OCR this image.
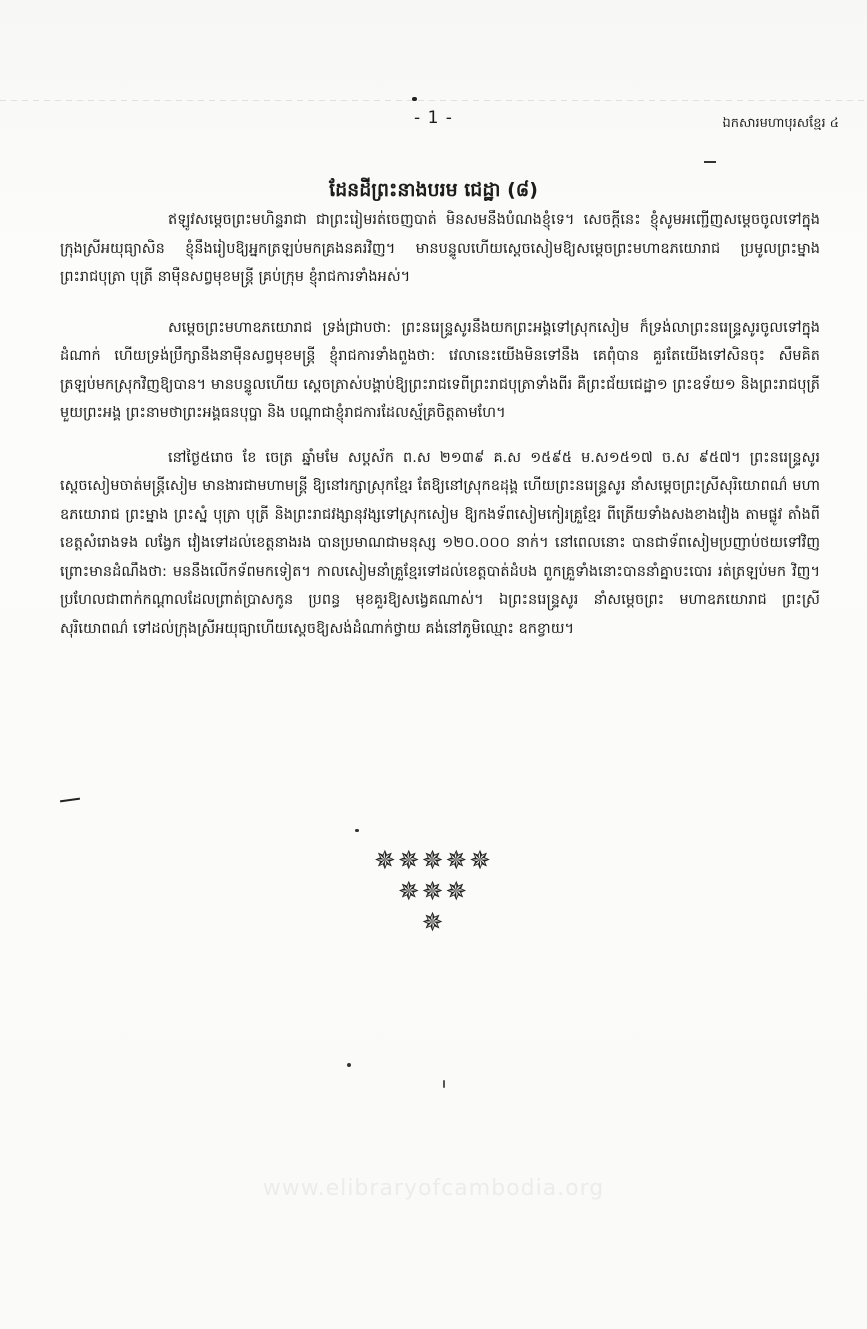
- 1 -	ឯកសារមហាបុរសខ្មែរ ៤
ដែនដីព្រះនាងបរម ជេដ្ឋា (៨)

ឥឡូវសម្ដេចព្រះមហិន្ទរាជា ជាព្រះរៀមរត់ចេញបាត់ មិនសមនឹងបំណងខ្ញុំទេ។ សេចក្ដីនេះ ខ្ញុំសូមអញ្ជើញសម្ដេចចូលទៅក្នុងក្រុងស្រីអយុធ្យាសិន ខ្ញុំនឹងរៀបឱ្យអ្នកត្រឡប់មកគ្រងនគរវិញ។ មានបន្ទូលហើយស្ដេចសៀមឱ្យសម្ដេចព្រះមហាឧភយោរាជ ប្រមូលព្រះម្នាង ព្រះរាជបុត្រា បុត្រី នាម៉ឺនសព្វមុខមន្ត្រី គ្រប់ក្រុម ខ្ញុំរាជការទាំងអស់។

សម្ដេចព្រះមហាឧភយោរាជ ទ្រង់ជ្រាបថា: ព្រះនរេន្ទ្រសូរនឹងយកព្រះអង្គទៅស្រុកសៀម ក៏ទ្រង់លាព្រះនរេន្ទ្រសូរចូលទៅក្នុងដំណាក់ ហើយទ្រង់ប្រឹក្សានឹងនាម៉ឺនសព្វមុខមន្ត្រី ខ្ញុំរាជការទាំងពួងថា: វេលានេះយើងមិនទៅនឹង គេពុំបាន គួរតែយើងទៅសិនចុះ សឹមគិតត្រឡប់មកស្រុកវិញឱ្យបាន។ មានបន្ទូលហើយ ស្ដេចត្រាស់បង្គាប់ឱ្យព្រះរាជទេពីព្រះរាជបុត្រាទាំងពីរ គឺព្រះជ័យជេដ្ឋា១ ព្រះឧទ័យ១ និងព្រះរាជបុត្រីមួយព្រះអង្គ ព្រះនាមថាព្រះអង្គធនបុប្ផា និង បណ្ដាជាខ្ញុំរាជការដែលស្ម័គ្រចិត្តតាមហែ។

នៅថ្ងៃ៥រោច ខែ ចេត្រ ឆ្នាំមមែ សប្តស័ក ព.ស ២១៣៩ គ.ស ១៥៩៥ ម.ស១៥១៧ ច.ស ៩៥៧។ ព្រះនរេន្ទ្រសូរ ស្ដេចសៀមចាត់មន្ត្រីសៀម មានងារជាមហាមន្ត្រី ឱ្យនៅរក្សាស្រុកខ្មែរ តែឱ្យនៅស្រុកឧដុង្គ ហើយព្រះនរេន្ទ្រសូរ នាំសម្ដេចព្រះស្រីសុរិយោពណ៌ មហាឧភយោរាជ ព្រះម្នាង ព្រះស្នំ បុត្រា បុត្រី និងព្រះរាជវង្សានុវង្សទៅស្រុកសៀម ឱ្យកងទ័ពសៀមកៀរគ្រួខ្មែរ ពីត្រើយទាំងសងខាងវៀង តាមផ្លូវ តាំងពីខេត្តសំរោងទង លង្វែក វៀងទៅដល់ខេត្តនាងរង បានប្រមាណជាមនុស្ស ១២០.០០០ នាក់។ នៅពេលនោះ បានជាទ័ពសៀមប្រញាប់ថយទៅវិញ ព្រោះមានដំណឹងថា: មននឹងលើកទ័ពមកទៀត។ កាលសៀមនាំគ្រួខ្មែរទៅដល់ខេត្តបាត់ដំបង ពួកគ្រួទាំងនោះបាននាំគ្នាបះបោរ រត់ត្រឡប់មក វិញ។ ប្រហែលជាពាក់កណ្ដាលដែលព្រាត់ប្រាសកូន ប្រពន្ធ មុខគួរឱ្យសង្វេគណាស់។ ឯព្រះនរេន្ទ្រសូរ នាំសម្ដេចព្រះ មហាឧភយោរាជ ព្រះស្រីសុរិយោពណ៌ ទៅដល់ក្រុងស្រីអយុធ្យាហើយស្ដេចឱ្យសង់ដំណាក់ថ្វាយ គង់នៅភូមិឈ្មោះ ឧកខ្វាយ។

✵✵✵✵✵
✵✵✵
✵
www.elibraryofcambodia.org
